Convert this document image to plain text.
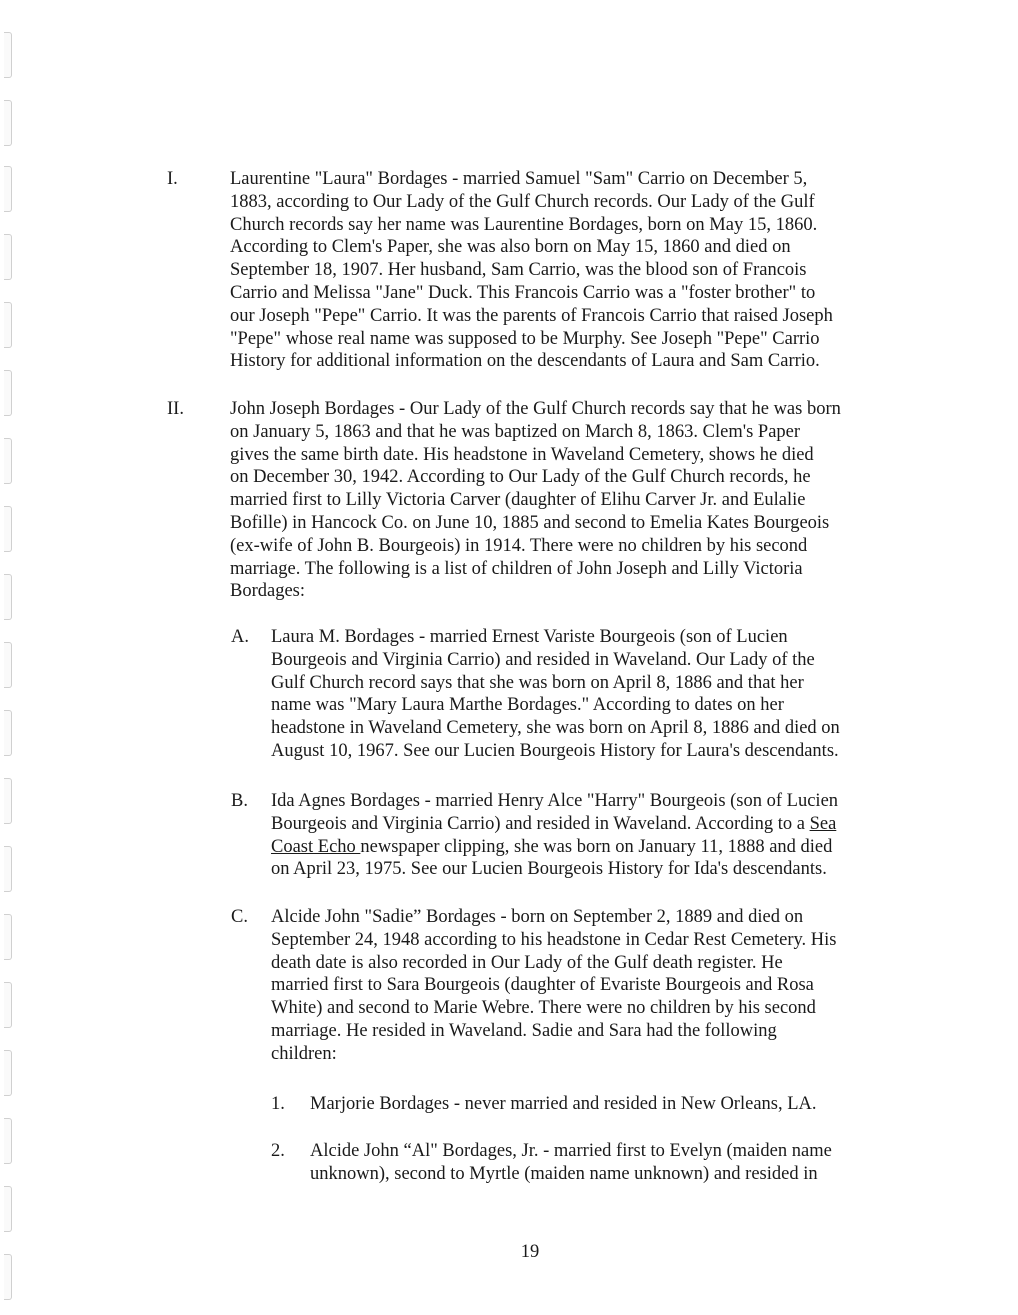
I.	Laurentine "Laura" Bordages - married Samuel "Sam" Carrio on December 5,
1883, according to Our Lady of the Gulf Church records. Our Lady of the Gulf
Church records say her name was Laurentine Bordages, born on May 15, 1860.
According to Clem's Paper, she was also born on May 15, 1860 and died on
September 18, 1907. Her husband, Sam Carrio, was the blood son of Francois
Carrio and Melissa "Jane" Duck. This Francois Carrio was a "foster brother" to
our Joseph "Pepe" Carrio. It was the parents of Francois Carrio that raised Joseph
"Pepe" whose real name was supposed to be Murphy. See Joseph "Pepe" Carrio
History for additional information on the descendants of Laura and Sam Carrio.
II. John Joseph Bordages - Our Lady of the Gulf Church records say that he was born
on January 5, 1863 and that he was baptized on March 8, 1863. Clem's Paper
gives the same birth date. His headstone in Waveland Cemetery, shows he died
on December 30, 1942. According to Our Lady of the Gulf Church records, he
married first to Lilly Victoria Carver (daughter of Elihu Carver Jr. and Eulalie
Bofille) in Hancock Co. on June 10, 1885 and second to Emelia Kates Bourgeois
(ex-wife of John B. Bourgeois) in 1914. There were no children by his second
marriage. The following is a list of children of John Joseph and Lilly Victoria
Bordages:
A. Laura M. Bordages - married Ernest Variste Bourgeois (son of Lucien
Bourgeois and Virginia Carrio) and resided in Waveland. Our Lady of the
Gulf Church record says that she was born on April 8, 1886 and that her
name was "Mary Laura Marthe Bordages." According to dates on her
headstone in Waveland Cemetery, she was born on April 8, 1886 and died on
August 10, 1967. See our Lucien Bourgeois History for Laura's descendants.
B. Ida Agnes Bordages - married Henry Alce "Harry" Bourgeois (son of Lucien
Bourgeois and Virginia Carrio) and resided in Waveland. According to a Sea
Coast Echo newspaper clipping, she was born on January 11, 1888 and died
on April 23, 1975. See our Lucien Bourgeois History for Ida's descendants.
C. Alcide John "Sadie” Bordages - born on September 2, 1889 and died on
September 24, 1948 according to his headstone in Cedar Rest Cemetery. His
death date is also recorded in Our Lady of the Gulf death register. He
married first to Sara Bourgeois (daughter of Evariste Bourgeois and Rosa
White) and second to Marie Webre. There were no children by his second
marriage. He resided in Waveland. Sadie and Sara had the following
children:
1. Marjorie Bordages - never married and resided in New Orleans, LA.
2. Alcide John “Al" Bordages, Jr. - married first to Evelyn (maiden name
unknown), second to Myrtle (maiden name unknown) and resided in
19
